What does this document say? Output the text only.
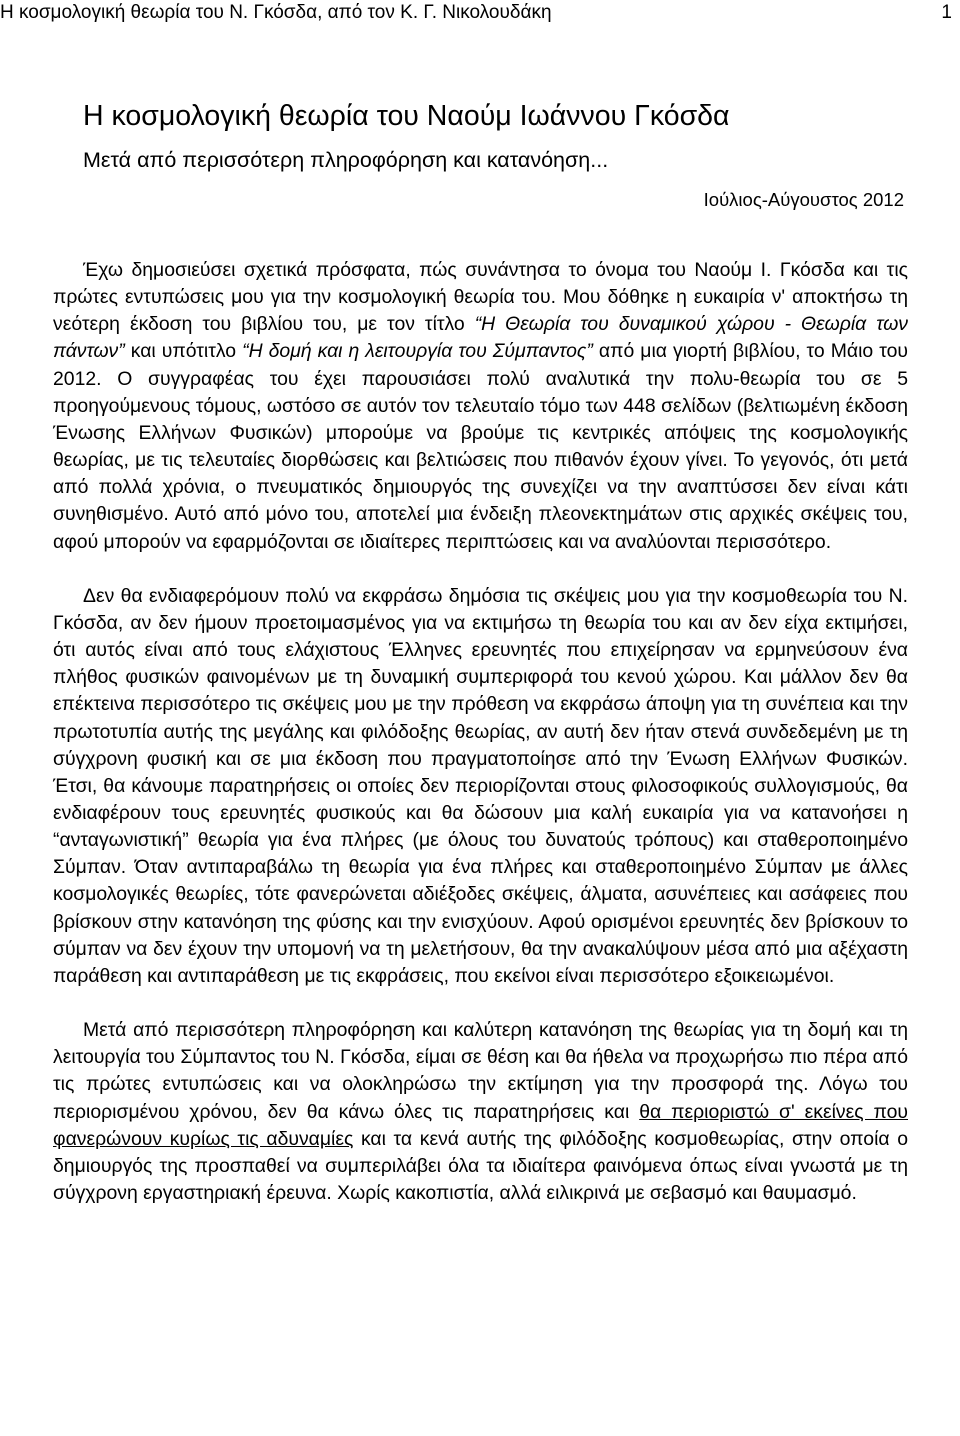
Η κοσμολογική θεωρία του Ν. Γκόσδα, από τον Κ. Γ. Νικολουδάκη	1
Η κοσμολογική θεωρία του Ναούμ Ιωάννου Γκόσδα
Μετά από περισσότερη πληροφόρηση και κατανόηση...
Ιούλιος-Αύγουστος 2012

Έχω δημοσιεύσει σχετικά πρόσφατα, πώς συνάντησα το όνομα του Ναούμ Ι. Γκόσδα και τις πρώτες εντυπώσεις μου για την κοσμολογική θεωρία του. Μου δόθηκε η ευκαιρία ν' αποκτήσω τη νεότερη έκδοση του βιβλίου του, με τον τίτλο “Η Θεωρία του δυναμικού χώρου - Θεωρία των πάντων” και υπότιτλο “Η δομή και η λειτουργία του Σύμπαντος” από μια γιορτή βιβλίου, το Μάιο του 2012. Ο συγγραφέας του έχει παρουσιάσει πολύ αναλυτικά την πολυ-θεωρία του σε 5 προηγούμενους τόμους, ωστόσο σε αυτόν τον τελευταίο τόμο των 448 σελίδων (βελτιωμένη έκδοση Ένωσης Ελλήνων Φυσικών) μπορούμε να βρούμε τις κεντρικές απόψεις της κοσμολογικής θεωρίας, με τις τελευταίες διορθώσεις και βελτιώσεις που πιθανόν έχουν γίνει. Το γεγονός, ότι μετά από πολλά χρόνια, ο πνευματικός δημιουργός της συνεχίζει να την αναπτύσσει δεν είναι κάτι συνηθισμένο. Αυτό από μόνο του, αποτελεί μια ένδειξη πλεονεκτημάτων στις αρχικές σκέψεις του, αφού μπορούν να εφαρμόζονται σε ιδιαίτερες περιπτώσεις και να αναλύονται περισσότερο.

Δεν θα ενδιαφερόμουν πολύ να εκφράσω δημόσια τις σκέψεις μου για την κοσμοθεωρία του Ν. Γκόσδα, αν δεν ήμουν προετοιμασμένος για να εκτιμήσω τη θεωρία του και αν δεν είχα εκτιμήσει, ότι αυτός είναι από τους ελάχιστους Έλληνες ερευνητές που επιχείρησαν να ερμηνεύσουν ένα πλήθος φυσικών φαινομένων με τη δυναμική συμπεριφορά του κενού χώρου. Και μάλλον δεν θα επέκτεινα περισσότερο τις σκέψεις μου με την πρόθεση να εκφράσω άποψη για τη συνέπεια και την πρωτοτυπία αυτής της μεγάλης και φιλόδοξης θεωρίας, αν αυτή δεν ήταν στενά συνδεδεμένη με τη σύγχρονη φυσική και σε μια έκδοση που πραγματοποίησε από την Ένωση Ελλήνων Φυσικών. Έτσι, θα κάνουμε παρατηρήσεις οι οποίες δεν περιορίζονται στους φιλοσοφικούς συλλογισμούς, θα ενδιαφέρουν τους ερευνητές φυσικούς και θα δώσουν μια καλή ευκαιρία για να κατανοήσει η “ανταγωνιστική” θεωρία για ένα πλήρες (με όλους του δυνατούς τρόπους) και σταθεροποιημένο Σύμπαν. Όταν αντιπαραβάλω τη θεωρία για ένα πλήρες και σταθεροποιημένο Σύμπαν με άλλες κοσμολογικές θεωρίες, τότε φανερώνεται αδιέξοδες σκέψεις, άλματα, ασυνέπειες και ασάφειες που βρίσκουν στην κατανόηση της φύσης και την ενισχύουν. Αφού ορισμένοι ερευνητές δεν βρίσκουν το σύμπαν να δεν έχουν την υπομονή να τη μελετήσουν, θα την ανακαλύψουν μέσα από μια αξέχαστη παράθεση και αντιπαράθεση με τις εκφράσεις, που εκείνοι είναι περισσότερο εξοικειωμένοι.

Μετά από περισσότερη πληροφόρηση και καλύτερη κατανόηση της θεωρίας για τη δομή και τη λειτουργία του Σύμπαντος του Ν. Γκόσδα, είμαι σε θέση και θα ήθελα να προχωρήσω πιο πέρα από τις πρώτες εντυπώσεις και να ολοκληρώσω την εκτίμηση για την προσφορά της. Λόγω του περιορισμένου χρόνου, δεν θα κάνω όλες τις παρατηρήσεις και θα περιοριστώ σ' εκείνες που φανερώνουν κυρίως τις αδυναμίες και τα κενά αυτής της φιλόδοξης κοσμοθεωρίας, στην οποία ο δημιουργός της προσπαθεί να συμπεριλάβει όλα τα ιδιαίτερα φαινόμενα όπως είναι γνωστά με τη σύγχρονη εργαστηριακή έρευνα. Χωρίς κακοπιστία, αλλά ειλικρινά με σεβασμό και θαυμασμό.
